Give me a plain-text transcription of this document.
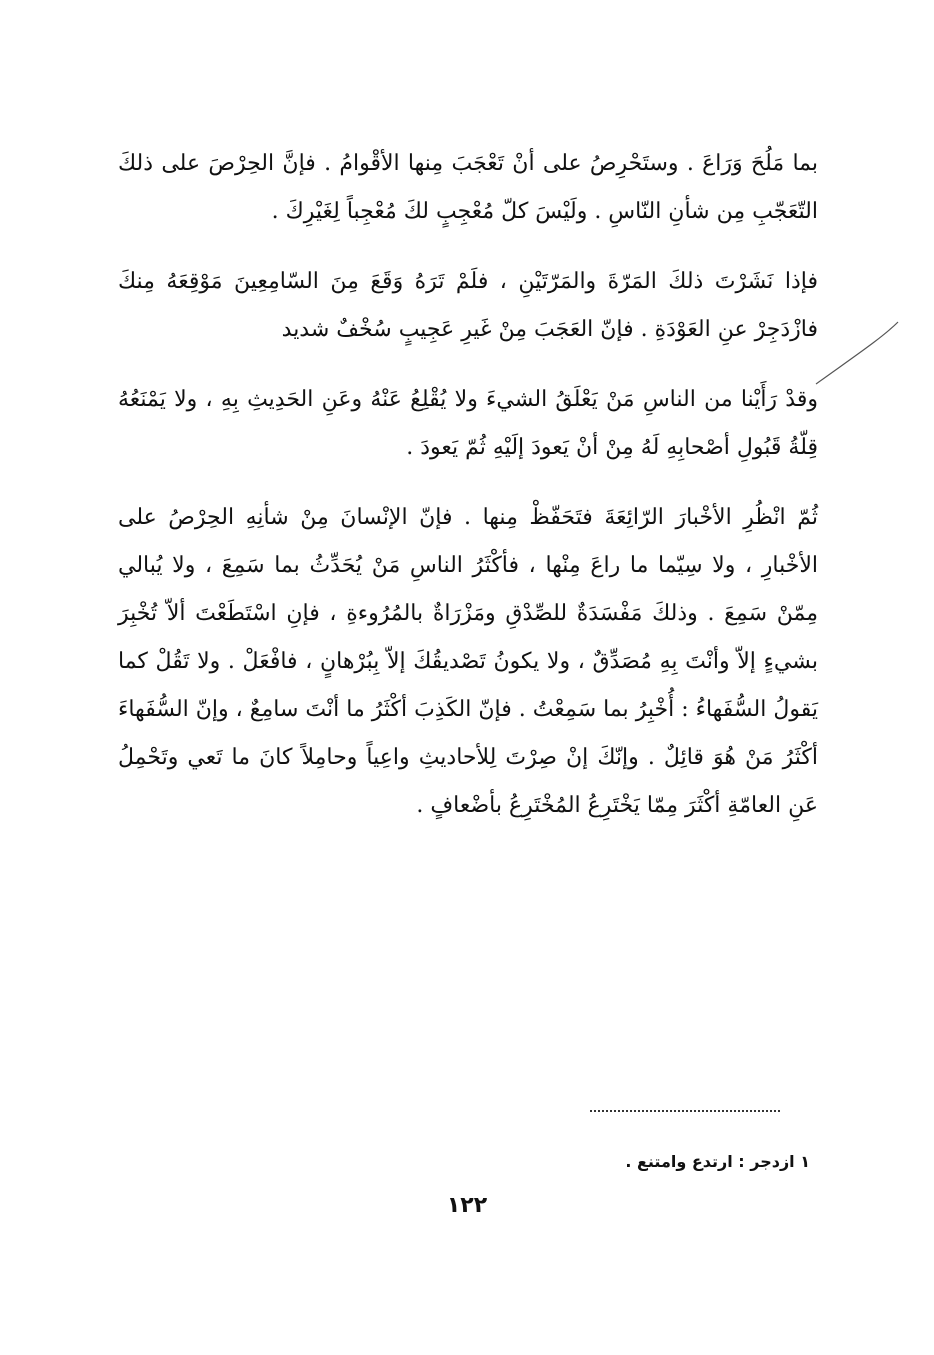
بما مَلُحَ وَرَاعَ . وستَحْرِصُ على أنْ تَعْجَبَ مِنها الأقْوامُ . فإنَّ الحِرْصَ على ذلكَ التّعَجّبِ مِن شأنِ النّاسِ . ولَيْسَ كلّ مُعْجِبٍ لكَ مُعْجِباً لِغَيْرِكَ .

فإذا نَشَرْتَ ذلكَ المَرّةَ والمَرّتَيْنِ ، فلَمْ تَرَهُ وَقَعَ مِنَ السّامِعِينَ مَوْقِعَهُ مِنكَ فازْدَجِرْ عنِ العَوْدَةِ . فإنّ العَجَبَ مِنْ غَيرِ عَجِيبٍ سُخْفٌ شديد

وقدْ رَأَيْنا من الناسِ مَنْ يَعْلَقُ الشيءَ ولا يُقْلِعُ عَنْهُ وعَنِ الحَدِيثِ بِهِ ، ولا يَمْنَعُهُ قِلّةُ قَبُولِ أصْحابِهِ لَهُ مِنْ أنْ يَعودَ إلَيْهِ ثُمّ يَعودَ .

ثُمّ انْظُرِ الأخْبارَ الرّائِعَةَ فتَحَفّظْ مِنها . فإنّ الإنْسانَ مِنْ شأنِهِ الحِرْصُ على الأخْبارِ ، ولا سِيّما ما راعَ مِنْها ، فأكْثَرُ الناسِ مَنْ يُحَدِّثُ بما سَمِعَ ، ولا يُبالي مِمّنْ سَمِعَ . وذلكَ مَفْسَدَةٌ للصِّدْقِ ومَزْرَاةٌ بالمُرُوءةِ ، فإنِ اسْتَطَعْتَ ألاّ تُخْبِرَ بشيءٍ إلاّ وأنْتَ بِهِ مُصَدِّقٌ ، ولا يكونُ تَصْديقُكَ إلاّ بِبُرْهانٍ ، فافْعَلْ . ولا تَقُلْ كما يَقولُ السُّفَهاءُ : أُخْبِرُ بما سَمِعْتُ . فإنّ الكَذِبَ أكْثَرُ ما أنْتَ سامِعٌ ، وإنّ السُّفَهاءَ أكْثَرُ مَنْ هُوَ قائِلٌ . وإنّكَ إنْ صِرْتَ لِلأحاديثِ واعِياً وحامِلاً كانَ ما تَعي وتَحْمِلُ عَنِ العامّةِ أكْثَرَ مِمّا يَخْتَرِعُ المُخْتَرِعُ بأضْعافٍ .

١ ازدجر : ارتدع وامتنع .
١٢٢
